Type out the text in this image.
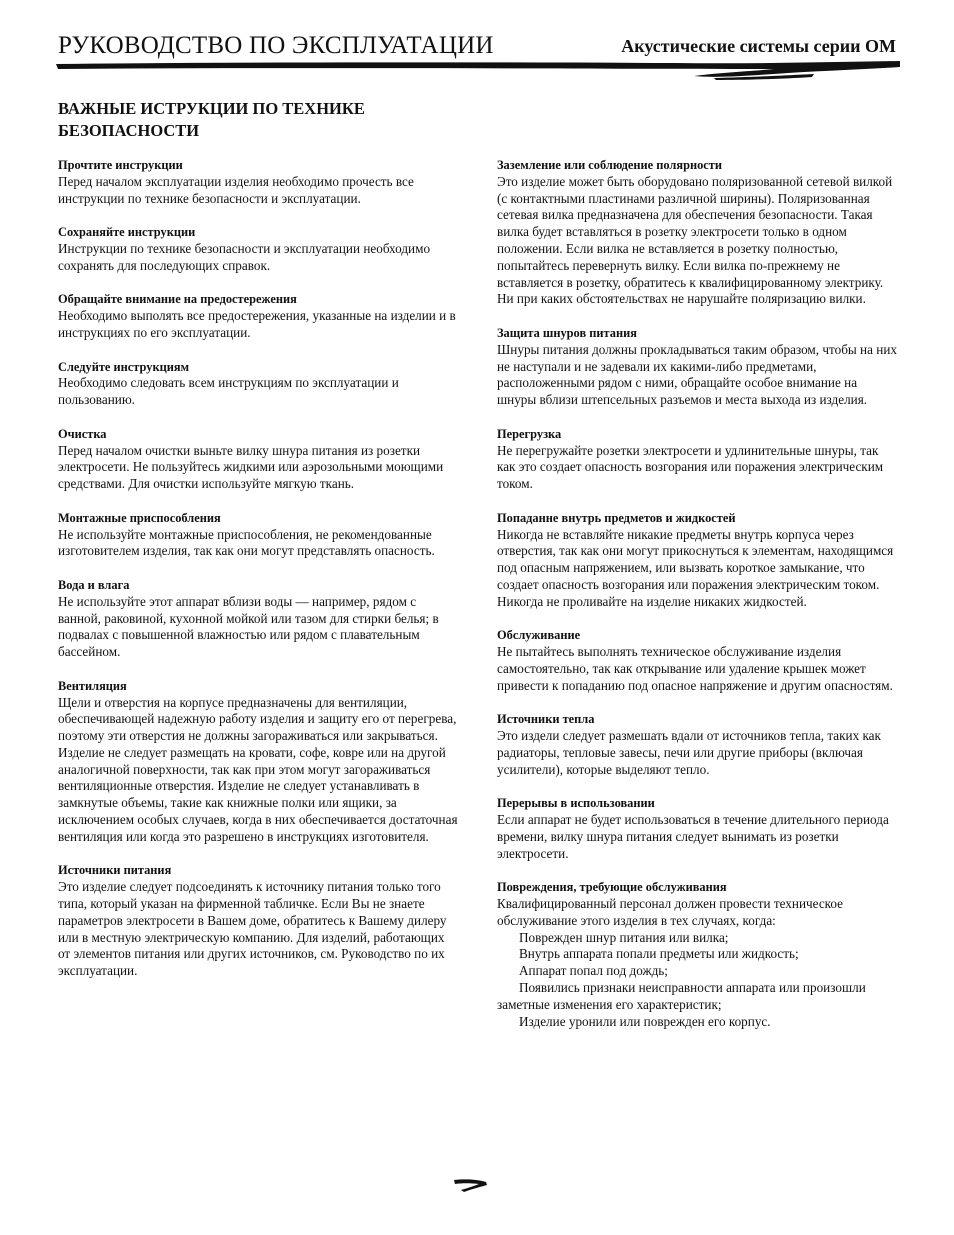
РУКОВОДСТВО ПО ЭКСПЛУАТАЦИИ	Акустические системы серии OM
ВАЖНЫЕ ИСТРУКЦИИ ПО ТЕХНИКЕ
БЕЗОПАСНОСТИ
Прочтите инструкции

Перед началом эксплуатации изделия необходимо прочесть все инструкции по технике безопасности и эксплуатации.

Сохраняйте инструкции

Инструкции по технике безопасности и эксплуатации необходимо сохранять для последующих справок.

Обращайте внимание на предостережения

Необходимо выполять все предостережения, указанные на изделии и в инструкциях по его эксплуатации.

Следуйте инструкциям

Необходимо следовать всем инструкциям по эксплуатации и пользованию.

Очистка

Перед началом очистки выньте вилку шнура питания из розетки электросети. Не пользуйтесь жидкими или аэрозольными моющими средствами. Для очистки используйте мягкую ткань.

Монтажные приспособления

Не используйте монтажные приспособления, не рекомендованные изготовителем изделия, так как они могут представлять опасность.

Вода и влага

Не используйте этот аппарат вблизи воды — например, рядом с ванной, раковиной, кухонной мойкой или тазом для стирки белья; в подвалах с повышенной влажностью или рядом с плавательным бассейном.

Вентиляция

Щели и отверстия на корпусе предназначены для вентиляции, обеспечивающей надежную работу изделия и защиту его от перегрева, поэтому эти отверстия не должны загораживаться или закрываться. Изделие не следует размещать на кровати, софе, ковре или на другой аналогичной поверхности, так как при этом могут загораживаться вентиляционные отверстия. Изделие не следует устанавливать в замкнутые объемы, такие как книжные полки или ящики, за исключением особых случаев, когда в них обеспечивается достаточная вентиляция или когда это разрешено в инструкциях изготовителя.

Источники питания

Это изделие следует подсоединять к источнику питания только того типа, который указан на фирменной табличке. Если Вы не знаете параметров электросети в Вашем доме, обратитесь к Вашему дилеру или в местную электрическую компанию. Для изделий, работающих от элементов питания или других источников, см. Руководство по их эксплуатации.

Заземление или соблюдение полярности

Это изделие может быть оборудовано поляризованной сетевой вилкой (с контактными пластинами различной ширины). Поляризованная сетевая вилка предназначена для обеспечения безопасности. Такая вилка будет вставляться в розетку электросети только в одном положении. Если вилка не вставляется в розетку полностью, попытайтесь перевернуть вилку. Если вилка по-прежнему не вставляется в розетку, обратитесь к квалифицированному электрику. Ни при каких обстоятельствах не нарушайте поляризацию вилки.

Защита шнуров питания

Шнуры питания должны прокладываться таким образом, чтобы на них не наступали и не задевали их какими-либо предметами, расположенными рядом с ними, обращайте особое внимание на шнуры вблизи штепсельных разъемов и места выхода из изделия.

Перегрузка

Не перегружайте розетки электросети и удлинительные шнуры, так как это создает опасность возгорания или поражения электрическим током.

Попаданне внутрь предметов и жидкостей

Никогда не вставляйте никакие предметы внутрь корпуса через отверстия, так как они могут прикоснуться к элементам, находящимся под опасным напряжением, или вызвать короткое замыкание, что создает опасность возгорания или поражения электрическим током. Никогда не проливайте на изделие никаких жидкостей.

Обслуживание

Не пытайтесь выполнять техническое обслуживание изделия самостоятельно, так как открывание или удаление крышек может привести к попаданию под опасное напряжение и другим опасностям.

Источники тепла

Это издели следует размешать вдали от источников тепла, таких как радиаторы, тепловые завесы, печи или другие приборы (включая усилители), которые выделяют тепло.

Перерывы в использовании

Если аппарат не будет использоваться в течение длительного периода времени, вилку шнура питания следует вынимать из розетки электросети.

Повреждения, требующие обслуживания

Квалифицированный персонал должен провести техническое обслуживание этого изделия в тех случаях, когда:

Поврежден шнур питания или вилка;

Внутрь аппарата попали предметы или жидкость;

Аппарат попал под дождь;

Появились признаки неисправности аппарата или произошли заметные изменения его характеристик;

Изделие уронили или поврежден его корпус.
